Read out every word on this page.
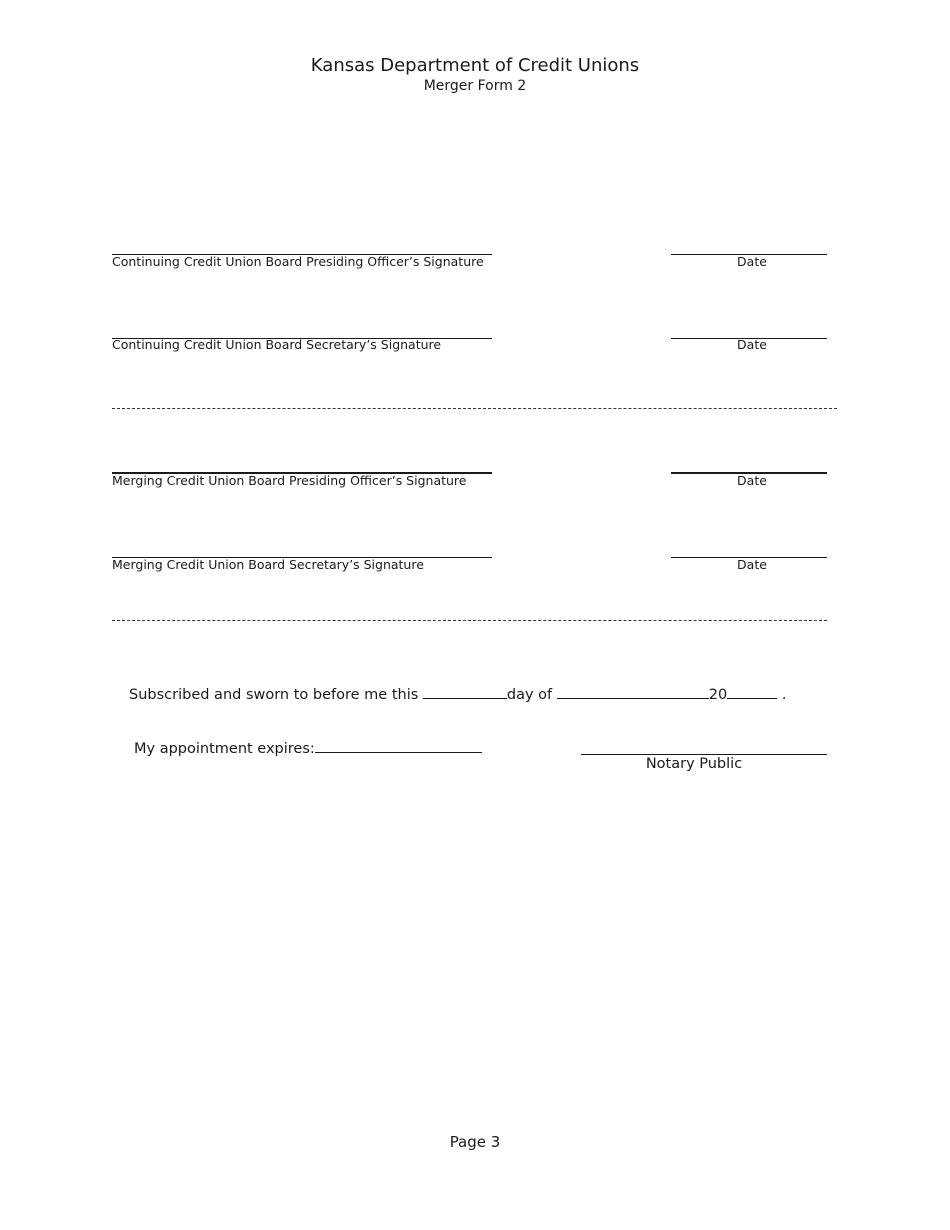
Kansas Department of Credit Unions
Merger Form 2
Continuing Credit Union Board Presiding Officer’s Signature	Date
Continuing Credit Union Board Secretary’s Signature	Date
Merging Credit Union Board Presiding Officer’s Signature	Date
Merging Credit Union Board Secretary’s Signature	Date
Subscribed and sworn to before me this	day of	20	.
My appointment expires:
Notary Public
Page 3
